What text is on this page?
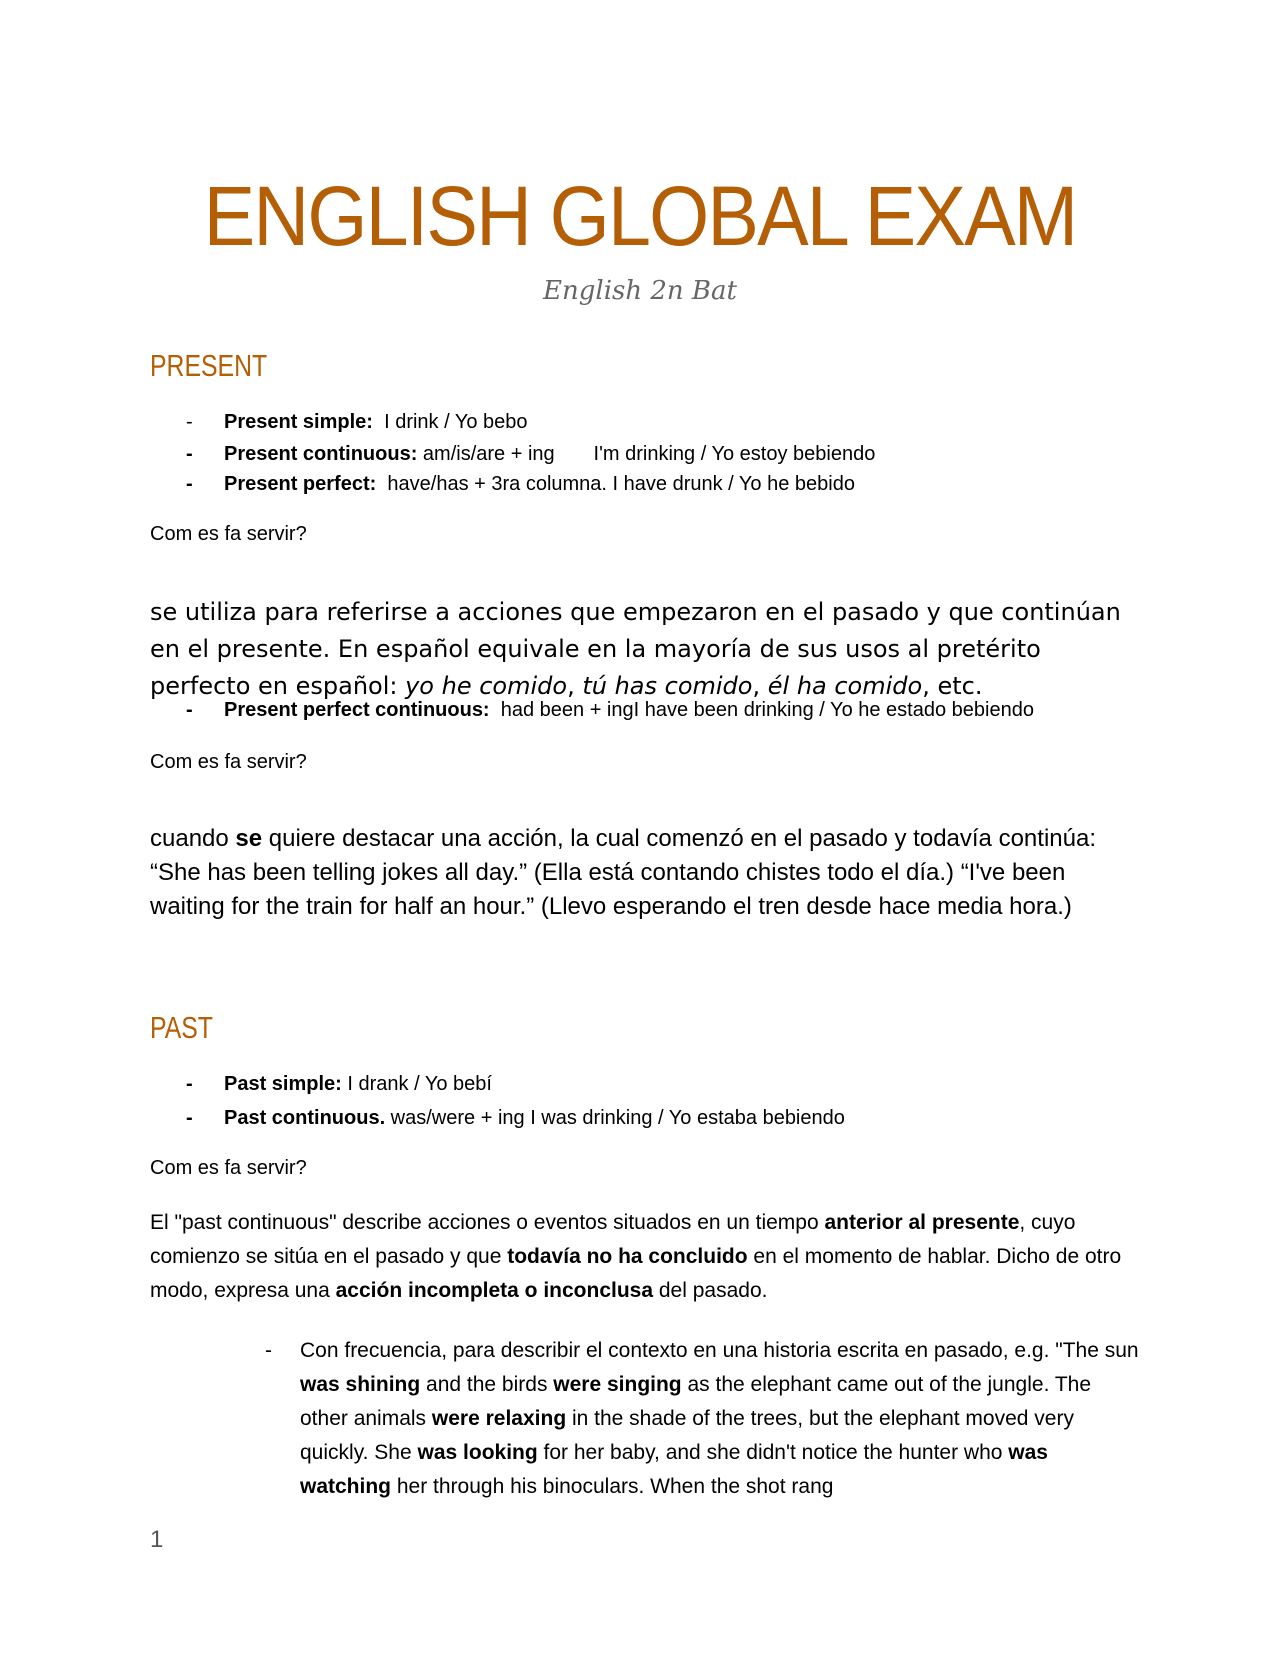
ENGLISH GLOBAL EXAM
English 2n Bat
PRESENT
- Present simple:  I drink / Yo bebo
- Present continuous: am/is/are + ing       I'm drinking / Yo estoy bebiendo
- Present perfect:  have/has + 3ra columna. I have drunk / Yo he bebido
Com es fa servir?
se utiliza para referirse a acciones que empezaron en el pasado y que continúan en el presente. En español equivale en la mayoría de sus usos al pretérito perfecto en español: yo he comido, tú has comido, él ha comido, etc.
- Present perfect continuous:  had been + ingI have been drinking / Yo he estado bebiendo
Com es fa servir?
cuando se quiere destacar una acción, la cual comenzó en el pasado y todavía continúa: “She has been telling jokes all day.” (Ella está contando chistes todo el día.) “I've been waiting for the train for half an hour.” (Llevo esperando el tren desde hace media hora.)
PAST
- Past simple: I drank / Yo bebí
- Past continuous. was/were + ing I was drinking / Yo estaba bebiendo
Com es fa servir?
El "past continuous" describe acciones o eventos situados en un tiempo anterior al presente, cuyo comienzo se sitúa en el pasado y que todavía no ha concluido en el momento de hablar. Dicho de otro modo, expresa una acción incompleta o inconclusa del pasado.
- Con frecuencia, para describir el contexto en una historia escrita en pasado, e.g. "The sun was shining and the birds were singing as the elephant came out of the jungle. The other animals were relaxing in the shade of the trees, but the elephant moved very quickly. She was looking for her baby, and she didn't notice the hunter who was watching her through his binoculars. When the shot rang
1
